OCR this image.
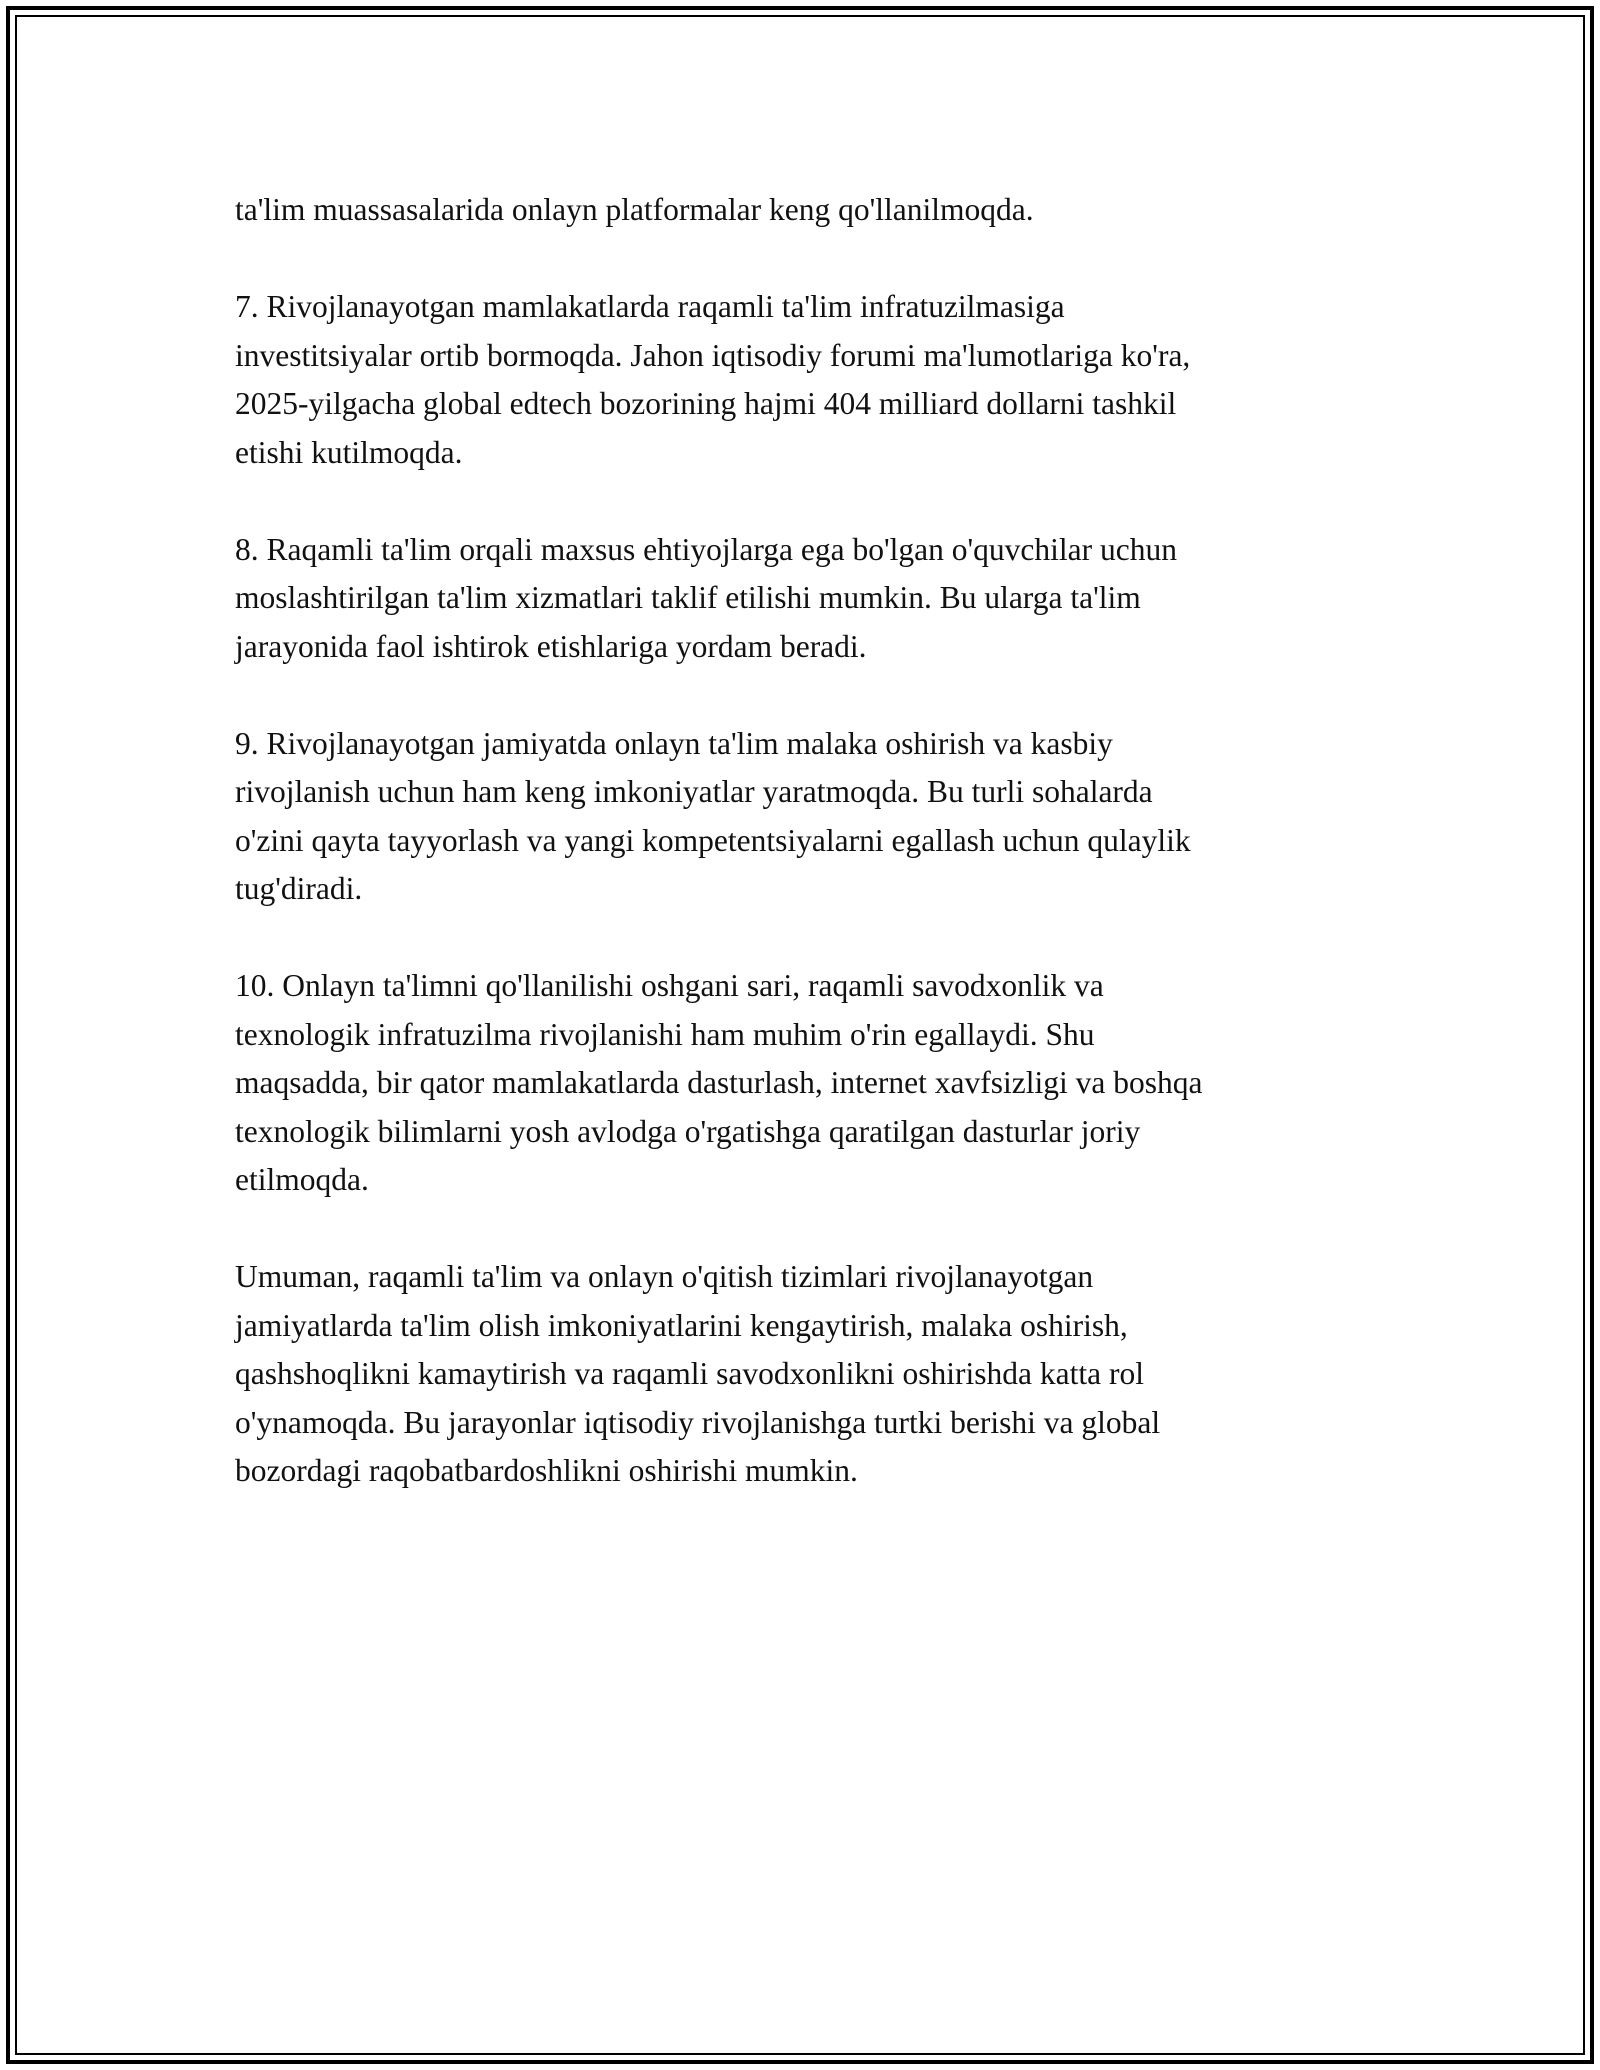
ta'lim muassasalarida onlayn platformalar keng qo'llanilmoqda.

7. Rivojlanayotgan mamlakatlarda raqamli ta'lim infratuzilmasiga
investitsiyalar ortib bormoqda. Jahon iqtisodiy forumi ma'lumotlariga ko'ra,
2025-yilgacha global edtech bozorining hajmi 404 milliard dollarni tashkil
etishi kutilmoqda.

8. Raqamli ta'lim orqali maxsus ehtiyojlarga ega bo'lgan o'quvchilar uchun
moslashtirilgan ta'lim xizmatlari taklif etilishi mumkin. Bu ularga ta'lim
jarayonida faol ishtirok etishlariga yordam beradi.

9. Rivojlanayotgan jamiyatda onlayn ta'lim malaka oshirish va kasbiy
rivojlanish uchun ham keng imkoniyatlar yaratmoqda. Bu turli sohalarda
o'zini qayta tayyorlash va yangi kompetentsiyalarni egallash uchun qulaylik
tug'diradi.

10. Onlayn ta'limni qo'llanilishi oshgani sari, raqamli savodxonlik va
texnologik infratuzilma rivojlanishi ham muhim o'rin egallaydi. Shu
maqsadda, bir qator mamlakatlarda dasturlash, internet xavfsizligi va boshqa
texnologik bilimlarni yosh avlodga o'rgatishga qaratilgan dasturlar joriy
etilmoqda.

Umuman, raqamli ta'lim va onlayn o'qitish tizimlari rivojlanayotgan
jamiyatlarda ta'lim olish imkoniyatlarini kengaytirish, malaka oshirish,
qashshoqlikni kamaytirish va raqamli savodxonlikni oshirishda katta rol
o'ynamoqda. Bu jarayonlar iqtisodiy rivojlanishga turtki berishi va global
bozordagi raqobatbardoshlikni oshirishi mumkin.
